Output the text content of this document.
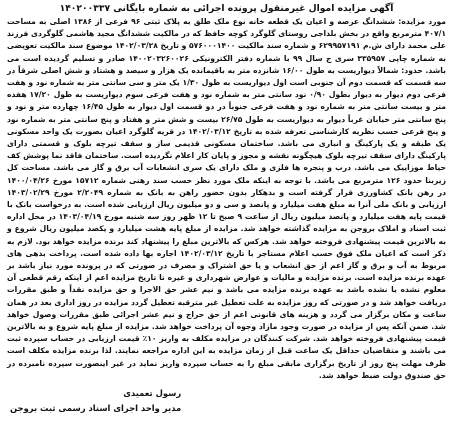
آگهی مزایده اموال غیرمنقول پرونده اجرائی به شماره بایگانی ۱۴۰۲۰۰۳۳۷

مورد مزایده: ششدانگ عرصه و اعیان یک قطعه خانه نوع ملک طلق به پلاک ثبتی ۹۶ فرعی از ۱۳۸۶ اصلی به مساحت ۴۰۷/۱ مترمربع واقع در بخش بلداجی روستای گلوگرد کوچه حافظ که در مالکیت ششدانگ مجید هاشمی گلوگردی فرزند علی محمد دارای ش.م ۶۲۹۹۵۷۱۹۱ و شماره سند مالکیت ۵۷۶۰۰۰۱۴۰۰ و تاریخ ۱۴۰۲/۰۳/۲۸ موضوع سند مالکیت تعویضی به شماره چاپی ۳۳۵۹۵۷ سری ج سال ۹۹ با شماره دفتر الکترونیکی ۱۴۰۰۲۰۳۲۶۰۰۲۶ صادر و تسلیم گردیده است می باشد. حدود: شمالاً دیواریست به طول ۱۶/۰۰ شانزده متر به باقیمانده یک هزار و سیصد و هشتاد و شش اصلی شرقاً در سه قسمت که قسمت دوم آن جنوبی است اول دیواریست به طول ۱/۳۰ یک متر و سی سانتی متر به شماره نود و هفت فرعی دوم دیوار به دیوار بطول ۰/۹۰ نود سانتی متر به شماره نود و هفت فرعی سوم دیواریست به طول ۱۷/۲۰ هفده متر و بیست سانتی متر به شماره نود و هفت فرعی جنوباً در دو قسمت اول دیوار به طول ۱۶/۴۵ چهارده متر و نود و پنج سانتی متر خیابان غرباً دیوار به دیواریست به طول ۲۶/۷۵ بیست و شش متر و هفتاد و پنج سانتی متر به شماره نود و پنج فرعی حسب نظریه کارشناسی تعرفه شده به تاریخ ۱۴۰۲/۰۳/۱۲ در قریه گلوگرد اعیان بصورت یک واحد مسکونی یک طبقه و یک پارکینگ و انباری می باشد. ساختمان مسکونی قدیمی ساز و سقف تیرچه بلوک و قسمتی دارای پارکینگ دارای سقف تیرچه بلوک هیچگونه نقشه و مجوز و پایان کار اعلام نگردیده است. ساختمان فاقد نما پوشش کف حیاط موزاییک می باشد. درب و پنجره ها فلزی و ملک دارای یک سری انشعابات آب برق و گاز می باشد. مساحت کل زیربنا حدود ۱۲۶ مترمربع می باشد. با توجه به اینکه ملک مورد نظر حسب سند رهنی شماره ۱۵۷۱۲ مورخ ۱۴۰۰/۰۴/۲۶ در رهن بانک کشاورزی قرار گرفته است و بدهکار بدون حضور راهن به بانک به شماره ۲/۲۰۴۹ مورخ ۱۴۰۳/۰۲/۲۹ ارزیابی و بانک ملی آنرا به مبلغ هفت میلیارد و پانصد و سی و دو میلیون ریال ارزیابی شده است. به درخواست بانک با قیمت پایه هفت میلیارد و پانصد میلیون ریال از ساعت ۹ صبح تا ۱۲ ظهر روز سه شنبه مورخ ۱۴۰۳/۰۴/۱۹ در محل اداره ثبت اسناد و املاک بروجن به مزایده گذاشته خواهد شد. مزایده از مبلغ پایه هشت میلیارد و یکصد میلیون ریال شروع و به بالاترین قیمت پیشنهادی فروخته خواهد شد. هرکس که بالاترین مبلغ را پیشنهاد کند برنده مزایده خواهد بود. لازم به ذکر است که اعیان ملک فوق حسب اعلام مستاجر با تاریخ ۱۴۰۲/۰۳/۱۲ اجاره بها داده شده است. پرداخت بدهی های مربوط به آب و برق و گاز اعم از حق انشعاب و یا حق اشتراک و مصرف در صورتی که در پرونده مورد نیاز باشد بر عهده برنده مزایده است. برنده مزایده و مالیات و عوارض شهرداری و غیره تا تاریخ مزایده اعم از اینکه رقم قطعی آن معلوم نشده یا نشده باشد به عهده برنده مزایده می باشد و نیم عشر حق الاجرا و حق مزایده نقداً و طبق مقررات دریافت خواهد شد و در صورتی که روز مزایده به علت تعطیل غیر مترقبه تعطیل گردد مزایده در روز اداری بعد در همان ساعت و مکان برگزار می گردد و هزینه های قانونی اعم از حق حراج و نیم عشر اجرائی طبق مقررات وصول خواهد شد. ضمن آنکه پس از مزایده در صورت وجود مازاد وجوه آن پرداخت خواهد شد. مزایده از مبلغ پایه شروع و به بالاترین قیمت پیشنهادی فروخته خواهد شد. شرکت کنندگان در مزایده مکلف به واریز ۱۰٪ قیمت ارزیابی در حساب سپرده ثبت می باشند و متقاضیان حداقل یک ساعت قبل از زمان مزایده به این اداره مراجعه نمایند. لذا برنده مزایده مکلف است ظرف مهلت پنج روز از تاریخ برگزاری مابقی مبلغ را به حساب سپرده واریز نماید در غیر اینصورت سپرده نامبرده در حق صندوق دولت ضبط خواهد شد.

رسول تعمیدی
مدیر واحد اجرای اسناد رسمی ثبت بروجن
